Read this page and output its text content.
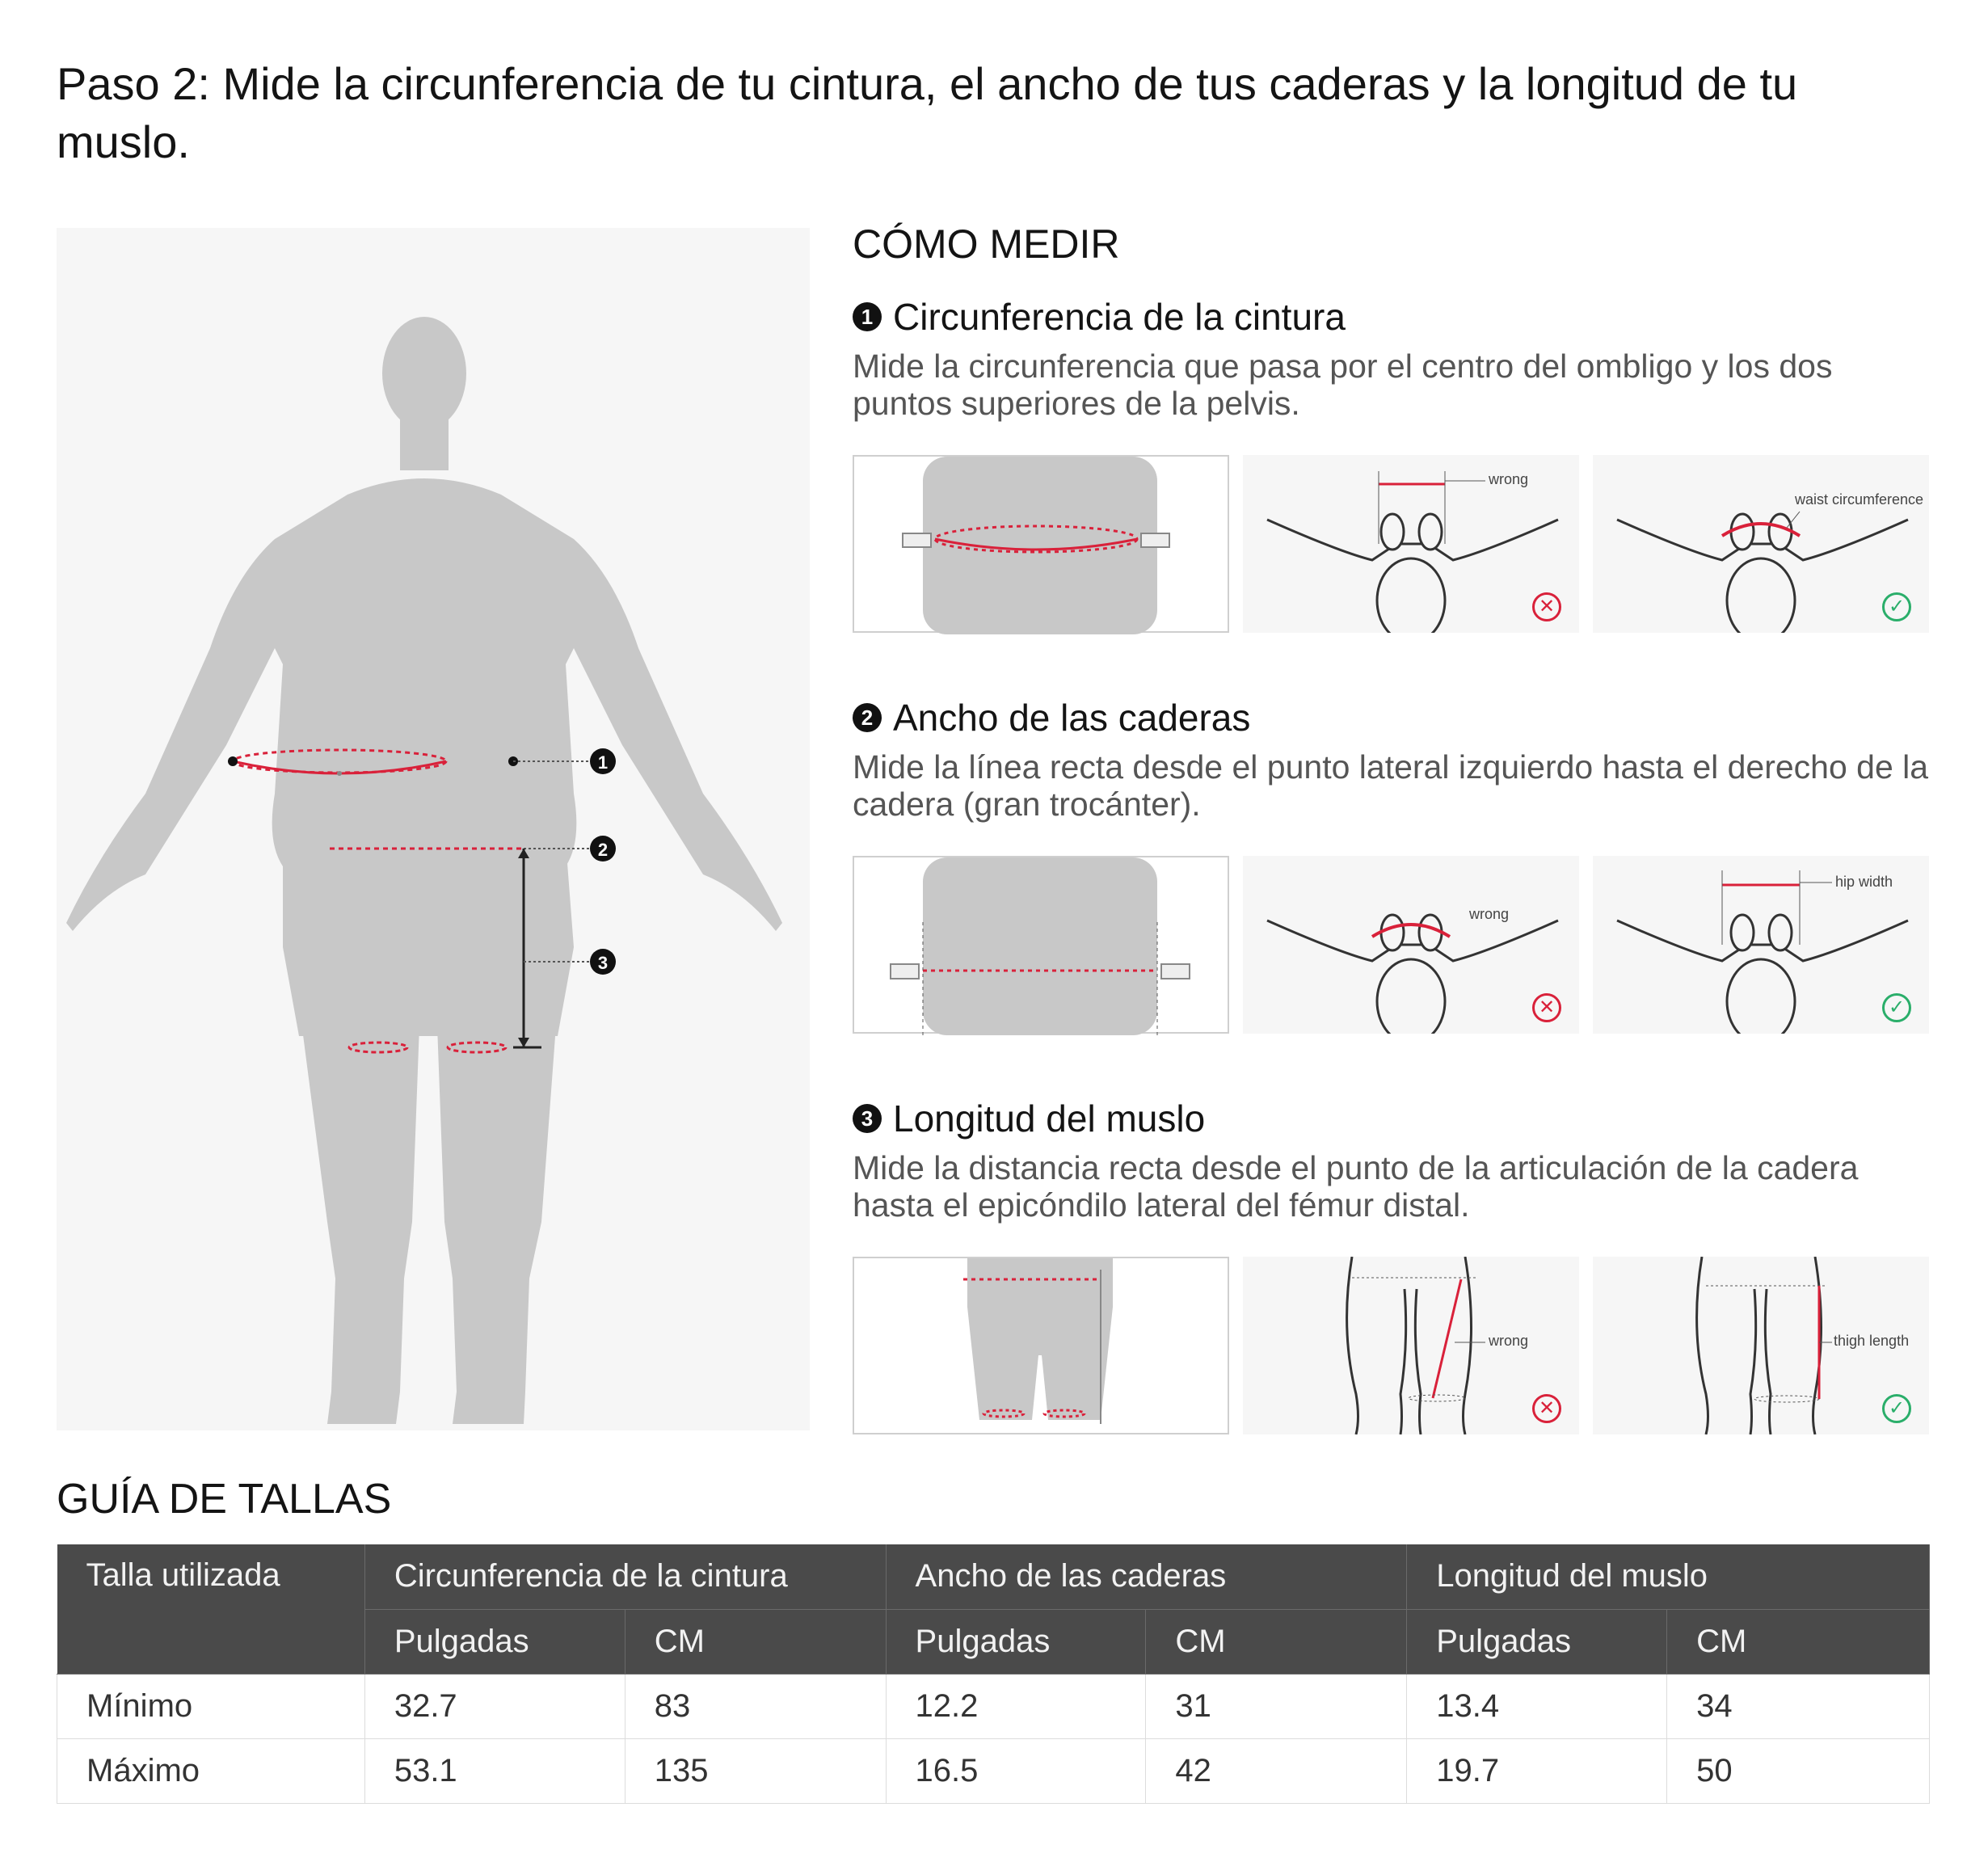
Paso 2: Mide la circunferencia de tu cintura, el ancho de tus caderas y la longitud de tu muslo.
1
2
3
CÓMO MEDIR

1 Circunferencia de la cintura

Mide la circunferencia que pasa por el centro del ombligo y los dos puntos superiores de la pelvis.

wrong
✕
waist circumference
✓

2 Ancho de las caderas

Mide la línea recta desde el punto lateral izquierdo hasta el derecho de la cadera (gran trocánter).

wrong
✕
hip width
✓

3 Longitud del muslo

Mide la distancia recta desde el punto de la articulación de la cadera hasta el epicóndilo lateral del fémur distal.

wrong
✕
thigh length
✓
GUÍA DE TALLAS
Talla utilizada	Circunferencia de la cintura		Ancho de las caderas		Longitud del muslo	
	Pulgadas	CM	Pulgadas	CM	Pulgadas	CM
Mínimo	32.7	83	12.2	31	13.4	34
Máximo	53.1	135	16.5	42	19.7	50
